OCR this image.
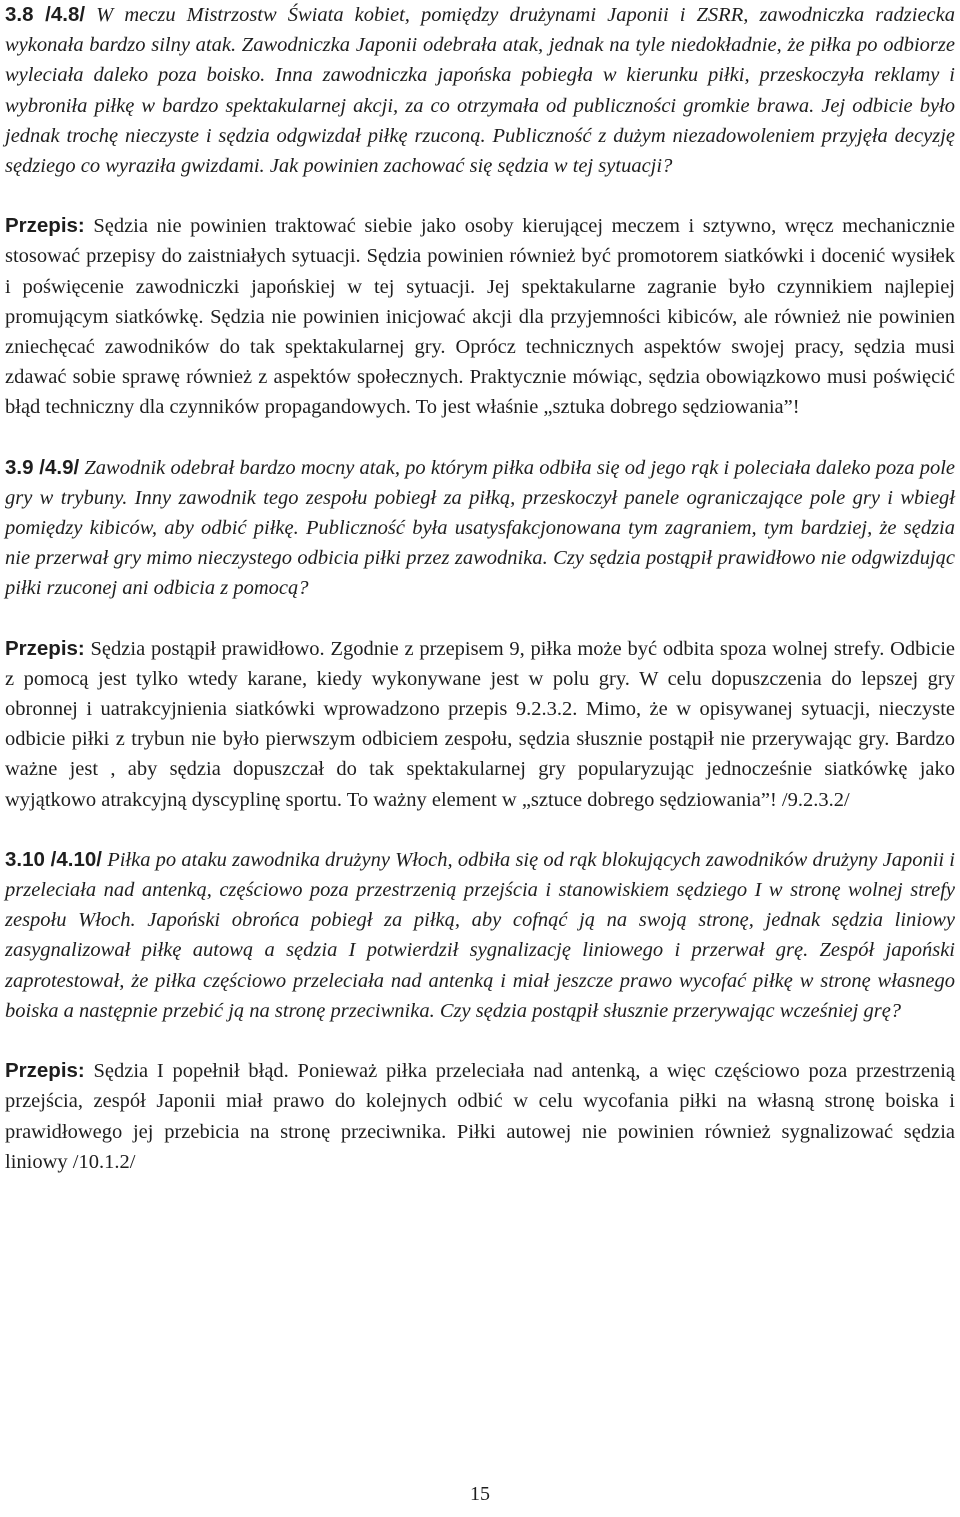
3.8 /4.8/ W meczu Mistrzostw Świata kobiet, pomiędzy drużynami Japonii i ZSRR, zawodniczka radziecka wykonała bardzo silny atak. Zawodniczka Japonii odebrała atak, jednak na tyle niedokładnie, że piłka po odbiorze wyleciała daleko poza boisko. Inna zawodniczka japońska pobiegła w kierunku piłki, przeskoczyła reklamy i wybroniła piłkę w bardzo spektakularnej akcji, za co otrzymała od publiczności gromkie brawa. Jej odbicie było jednak trochę nieczyste i sędzia odgwizdał piłkę rzuconą. Publiczność z dużym niezadowoleniem przyjęła decyzję sędziego co wyraziła gwizdami. Jak powinien zachować się sędzia w tej sytuacji?

Przepis: Sędzia nie powinien traktować siebie jako osoby kierującej meczem i sztywno, wręcz mechanicznie stosować przepisy do zaistniałych sytuacji. Sędzia powinien również być promotorem siatkówki i docenić wysiłek i poświęcenie zawodniczki japońskiej w tej sytuacji. Jej spektakularne zagranie było czynnikiem najlepiej promującym siatkówkę. Sędzia nie powinien inicjować akcji dla przyjemności kibiców, ale również nie powinien zniechęcać zawodników do tak spektakularnej gry. Oprócz technicznych aspektów swojej pracy, sędzia musi zdawać sobie sprawę również z aspektów społecznych. Praktycznie mówiąc, sędzia obowiązkowo musi poświęcić błąd techniczny dla czynników propagandowych. To jest właśnie „sztuka dobrego sędziowania”!

3.9 /4.9/ Zawodnik odebrał bardzo mocny atak, po którym piłka odbiła się od jego rąk i poleciała daleko poza pole gry w trybuny. Inny zawodnik tego zespołu pobiegł za piłką, przeskoczył panele ograniczające pole gry i wbiegł pomiędzy kibiców, aby odbić piłkę. Publiczność była usatysfakcjonowana tym zagraniem, tym bardziej, że sędzia nie przerwał gry mimo nieczystego odbicia piłki przez zawodnika. Czy sędzia postąpił prawidłowo nie odgwizdując piłki rzuconej ani odbicia z pomocą?

Przepis: Sędzia postąpił prawidłowo. Zgodnie z przepisem 9, piłka może być odbita spoza wolnej strefy. Odbicie z pomocą jest tylko wtedy karane, kiedy wykonywane jest w polu gry. W celu dopuszczenia do lepszej gry obronnej i uatrakcyjnienia siatkówki wprowadzono przepis 9.2.3.2. Mimo, że w opisywanej sytuacji, nieczyste odbicie piłki z trybun nie było pierwszym odbiciem zespołu, sędzia słusznie postąpił nie przerywając gry. Bardzo ważne jest , aby sędzia dopuszczał do tak spektakularnej gry popularyzując jednocześnie siatkówkę jako wyjątkowo atrakcyjną dyscyplinę sportu. To ważny element w „sztuce dobrego sędziowania”! /9.2.3.2/

3.10 /4.10/ Piłka po ataku zawodnika drużyny Włoch, odbiła się od rąk blokujących zawodników drużyny Japonii i przeleciała nad antenką, częściowo poza przestrzenią przejścia i stanowiskiem sędziego I w stronę wolnej strefy zespołu Włoch. Japoński obrońca pobiegł za piłką, aby cofnąć ją na swoją stronę, jednak sędzia liniowy zasygnalizował piłkę autową a sędzia I potwierdził sygnalizację liniowego i przerwał grę. Zespół japoński zaprotestował, że piłka częściowo przeleciała nad antenką i miał jeszcze prawo wycofać piłkę w stronę własnego boiska a następnie przebić ją na stronę przeciwnika. Czy sędzia postąpił słusznie przerywając wcześniej grę?

Przepis: Sędzia I popełnił błąd. Ponieważ piłka przeleciała nad antenką, a więc częściowo poza przestrzenią przejścia, zespół Japonii miał prawo do kolejnych odbić w celu wycofania piłki na własną stronę boiska i prawidłowego jej przebicia na stronę przeciwnika. Piłki autowej nie powinien również sygnalizować sędzia liniowy /10.1.2/

15
